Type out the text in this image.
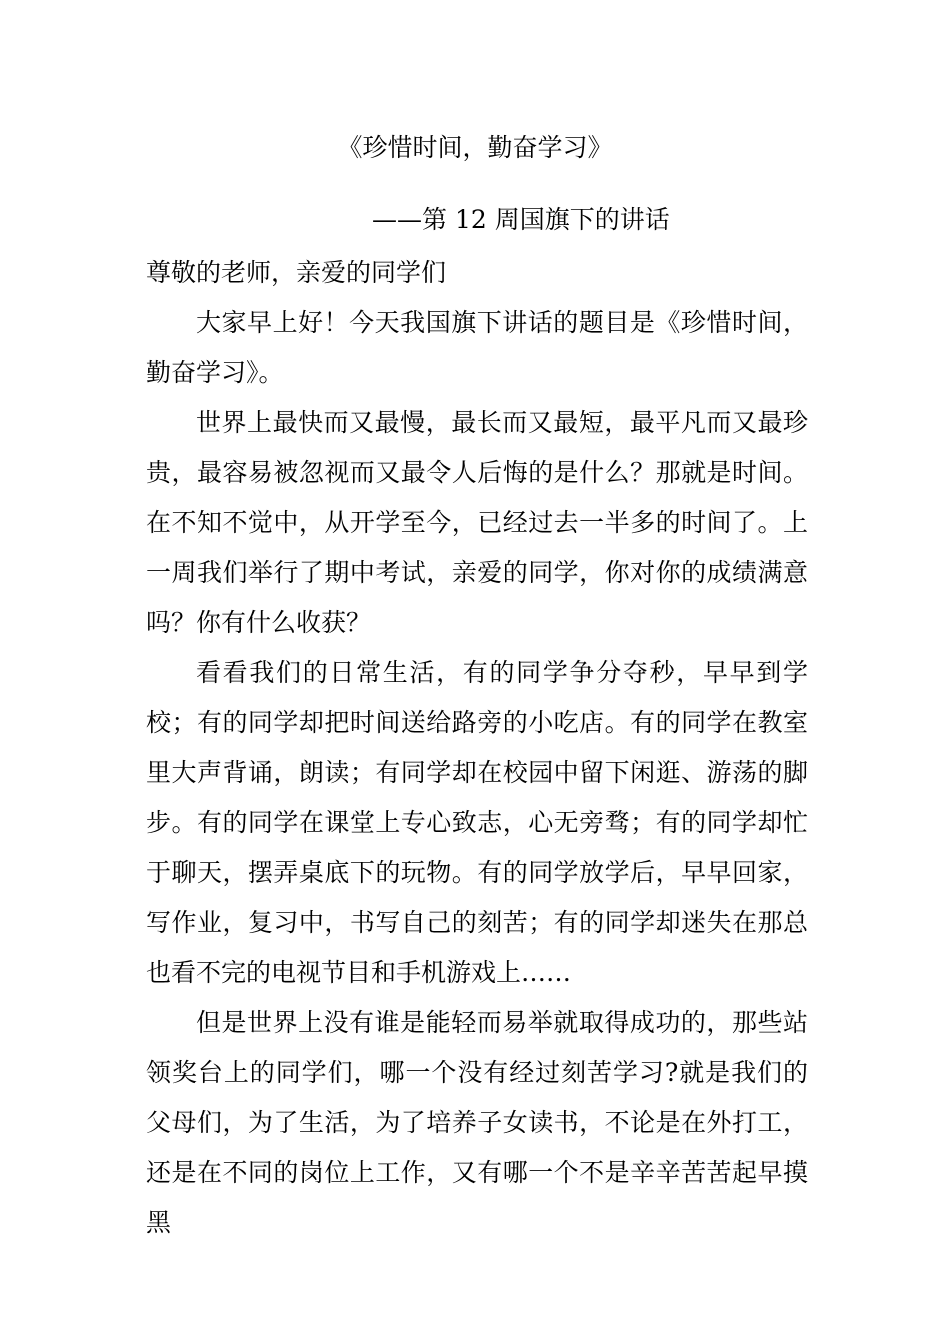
《珍惜时间，勤奋学习》
——第 12 周国旗下的讲话

尊敬的老师，亲爱的同学们

大家早上好！今天我国旗下讲话的题目是《珍惜时间，勤奋学习》。

世界上最快而又最慢，最长而又最短，最平凡而又最珍贵，最容易被忽视而又最令人后悔的是什么？那就是时间。在不知不觉中，从开学至今，已经过去一半多的时间了。上一周我们举行了期中考试，亲爱的同学，你对你的成绩满意吗？你有什么收获？

看看我们的日常生活，有的同学争分夺秒，早早到学校；有的同学却把时间送给路旁的小吃店。有的同学在教室里大声背诵，朗读；有同学却在校园中留下闲逛、游荡的脚步。有的同学在课堂上专心致志，心无旁骛；有的同学却忙于聊天，摆弄桌底下的玩物。有的同学放学后，早早回家，写作业，复习中，书写自己的刻苦；有的同学却迷失在那总也看不完的电视节目和手机游戏上……

但是世界上没有谁是能轻而易举就取得成功的，那些站领奖台上的同学们，哪一个没有经过刻苦学习?就是我们的父母们，为了生活，为了培养子女读书，不论是在外打工，还是在不同的岗位上工作，又有哪一个不是辛辛苦苦起早摸黑
